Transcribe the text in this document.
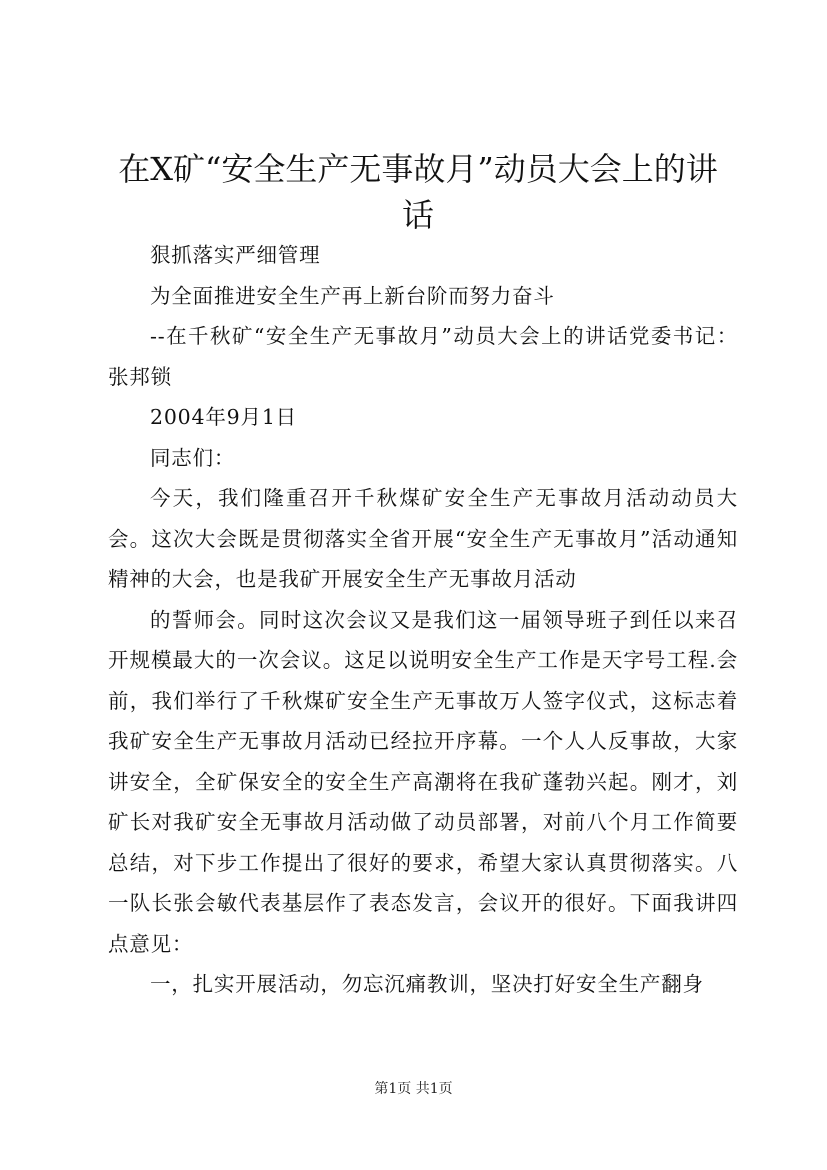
在X矿“安全生产无事故月”动员大会上的讲话

狠抓落实严细管理

为全面推进安全生产再上新台阶而努力奋斗

--在千秋矿“安全生产无事故月”动员大会上的讲话党委书记：张邦锁

2004年9月1日

同志们：

今天，我们隆重召开千秋煤矿安全生产无事故月活动动员大会。这次大会既是贯彻落实全省开展“安全生产无事故月”活动通知精神的大会，也是我矿开展安全生产无事故月活动

的誓师会。同时这次会议又是我们这一届领导班子到任以来召开规模最大的一次会议。这足以说明安全生产工作是天字号工程.会前，我们举行了千秋煤矿安全生产无事故万人签字仪式，这标志着我矿安全生产无事故月活动已经拉开序幕。一个人人反事故，大家讲安全，全矿保安全的安全生产高潮将在我矿蓬勃兴起。刚才，刘矿长对我矿安全无事故月活动做了动员部署，对前八个月工作简要总结，对下步工作提出了很好的要求，希望大家认真贯彻落实。八一队长张会敏代表基层作了表态发言，会议开的很好。下面我讲四点意见：

一，扎实开展活动，勿忘沉痛教训，坚决打好安全生产翻身

第1页 共1页
